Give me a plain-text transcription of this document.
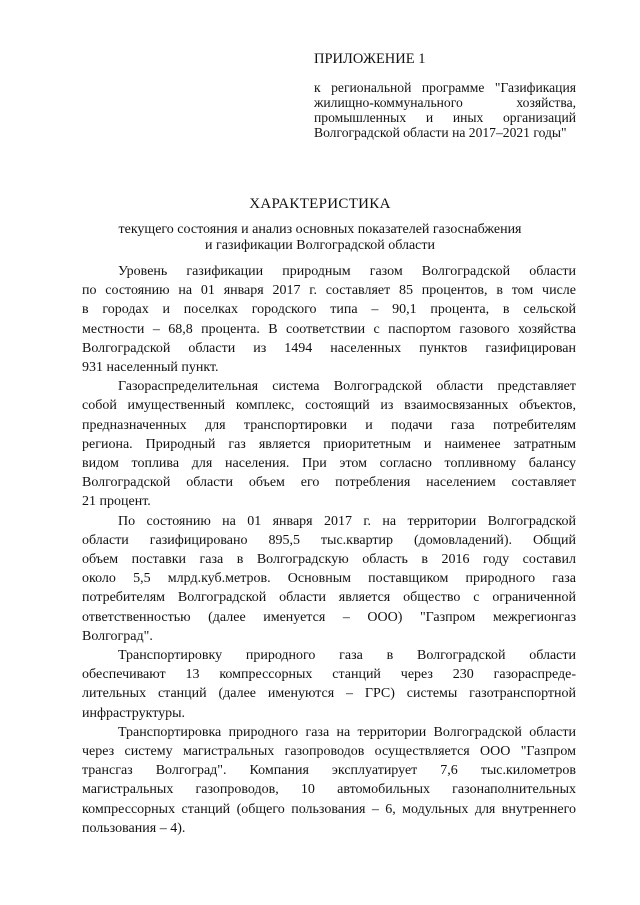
ПРИЛОЖЕНИЕ 1
к региональной программе "Газификация
жилищно-коммунального хозяйства,
промышленных и иных организаций
Волгоградской области на 2017–2021 годы"
ХАРАКТЕРИСТИКА
текущего состояния и анализ основных показателей газоснабжения
и газификации Волгоградской области
Уровень газификации природным газом Волгоградской области
по состоянию на 01 января 2017 г. составляет 85 процентов, в том числе
в городах и поселках городского типа – 90,1 процента, в сельской
местности – 68,8 процента. В соответствии с паспортом газового хозяйства
Волгоградской области из 1494 населенных пунктов газифицирован
931 населенный пункт.
Газораспределительная система Волгоградской области представляет
собой имущественный комплекс, состоящий из взаимосвязанных объектов,
предназначенных для транспортировки и подачи газа потребителям
региона. Природный газ является приоритетным и наименее затратным
видом топлива для населения. При этом согласно топливному балансу
Волгоградской области объем его потребления населением составляет
21 процент.
По состоянию на 01 января 2017 г. на территории Волгоградской
области газифицировано 895,5 тыс.квартир (домовладений). Общий
объем поставки газа в Волгоградскую область в 2016 году составил
около 5,5 млрд.куб.метров. Основным поставщиком природного газа
потребителям Волгоградской области является общество с ограниченной
ответственностью (далее именуется – ООО) "Газпром межрегионгаз
Волгоград".
Транспортировку природного газа в Волгоградской области
обеспечивают 13 компрессорных станций через 230 газораспреде-
лительных станций (далее именуются – ГРС) системы газотранспортной
инфраструктуры.
Транспортировка природного газа на территории Волгоградской области
через систему магистральных газопроводов осуществляется ООО "Газпром
трансгаз Волгоград". Компания эксплуатирует 7,6 тыс.километров
магистральных газопроводов, 10 автомобильных газонаполнительных
компрессорных станций (общего пользования – 6, модульных для внутреннего
пользования – 4).
